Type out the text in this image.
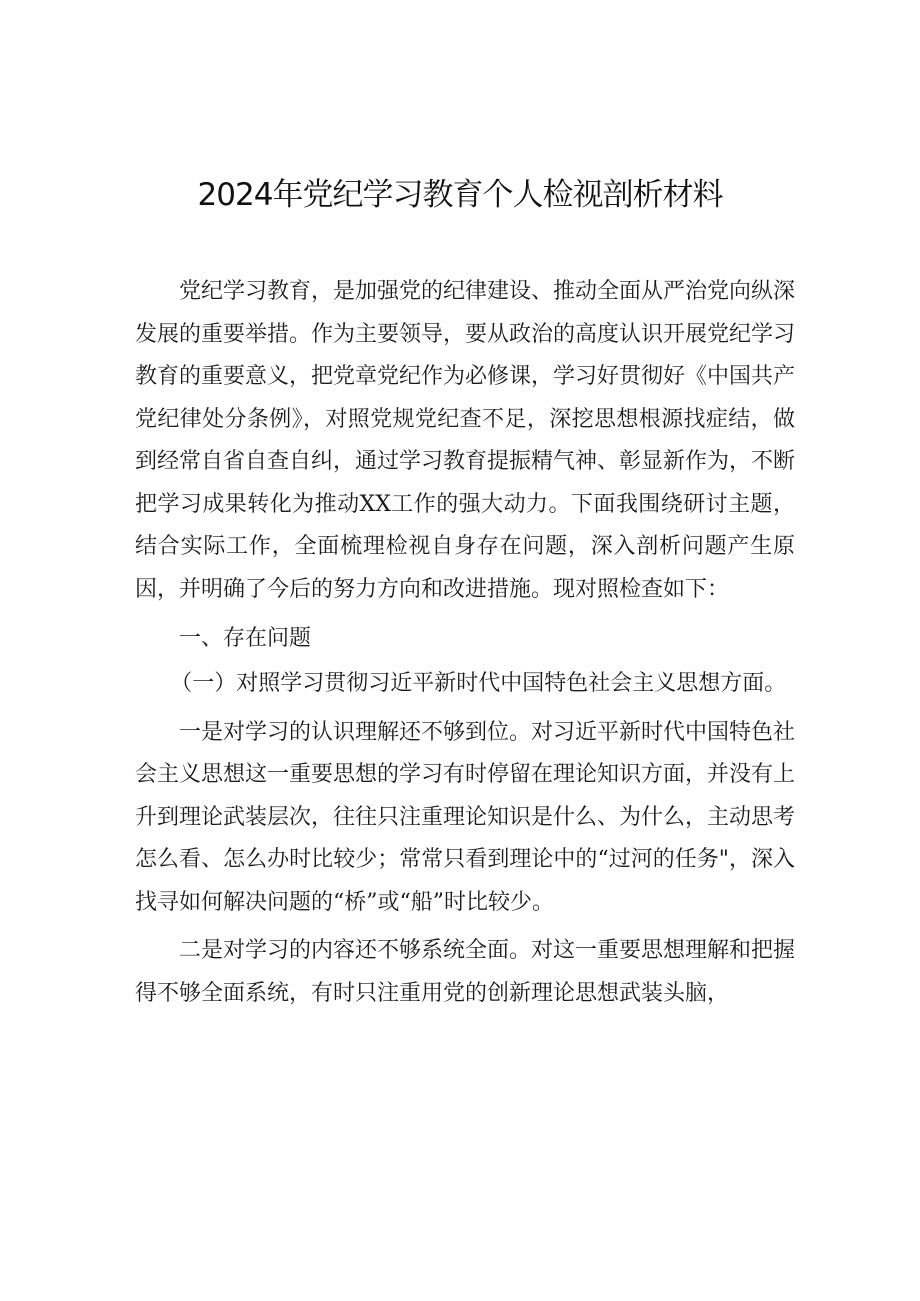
2024年党纪学习教育个人检视剖析材料

党纪学习教育，是加强党的纪律建设、推动全面从严治党向纵深发展的重要举措。作为主要领导，要从政治的高度认识开展党纪学习教育的重要意义，把党章党纪作为必修课，学习好贯彻好《中国共产党纪律处分条例》，对照党规党纪查不足，深挖思想根源找症结，做到经常自省自查自纠，通过学习教育提振精气神、彰显新作为，不断把学习成果转化为推动XX工作的强大动力。下面我围绕研讨主题，结合实际工作，全面梳理检视自身存在问题，深入剖析问题产生原因，并明确了今后的努力方向和改进措施。现对照检查如下：

一、存在问题

（一）对照学习贯彻习近平新时代中国特色社会主义思想方面。

一是对学习的认识理解还不够到位。对习近平新时代中国特色社会主义思想这一重要思想的学习有时停留在理论知识方面，并没有上升到理论武装层次，往往只注重理论知识是什么、为什么，主动思考怎么看、怎么办时比较少；常常只看到理论中的“过河的任务"，深入找寻如何解决问题的“桥”或“船”时比较少。

二是对学习的内容还不够系统全面。对这一重要思想理解和把握得不够全面系统，有时只注重用党的创新理论思想武装头脑，
